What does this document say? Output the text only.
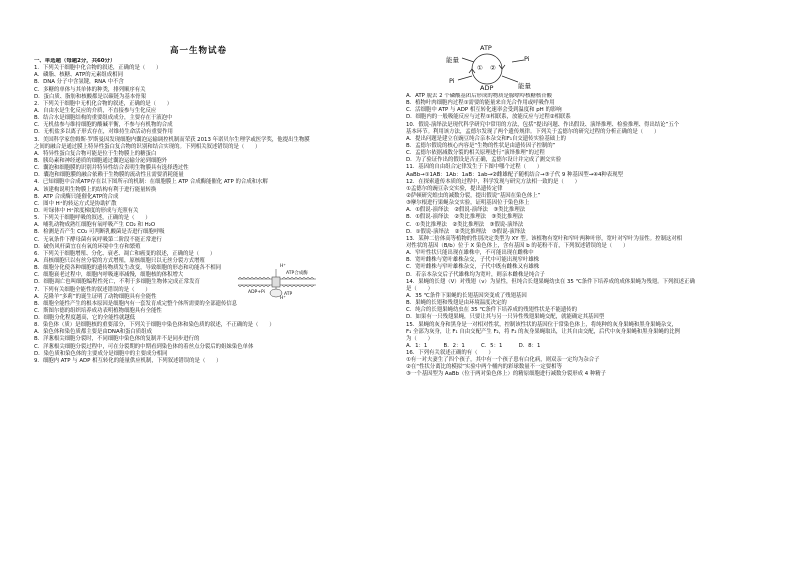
高一生物试卷
一、单选题（每题2分，共60分）
1．下列关于细胞中化合物的叙述，正确的是（　　）
A．磷脂、核糖、ATP的元素组成相同
B．DNA 分子中含氢键，RNA 中不含
C．多糖的单体与其单体的种类，排列顺序有关
D．蛋白质、脂肪和核酸都是以碳链为基本骨架
2．下列关于细胞中无机化合物的叙述，正确的是（　　）
A．自由水是生化反应的介质，不直接参与生化反应
B．结合水是细胞结构的重要组成成分，主要存在于液泡中
C．无机盐参与维持细胞的酸碱平衡，不参与有机物的合成
D．无机盐多以离子形式存在，对维持生命活动有重要作用
3．美国科学家詹姆斯·罗斯曼因发现细胞内囊泡运输调控机制而荣获 2013 年诺贝尔生理学或医学奖，他提出生物膜
之间的融合是通过膜上特异性蛋白复合物的识别和结合实现的。下列相关叙述错误的是（　　）
A．特异性蛋白复合物可能是位于生物膜上的糖蛋白
B．胰岛素和神经递质的细胞通过囊泡运输分泌到细胞外
C．囊泡和细胞膜的识别并特异性结合表明生物膜具有选择透过性
D．囊泡和细胞膜的融合依赖于生物膜的流动性且需要消耗能量
4．已知细胞中合成ATP存在以下图所示的机制：在细胞膜上 ATP 合成酶能催化 ATP 的合成和水解
A．该建构说明生物膜上的结构有利于进行能量转换
B．ATP 合成酶只能催化ATP的合成
C．图中 H⁺的转运方式是协助扩散
D．叶绿体中 H⁺浓度梯度的形成与光照有关
5．下列关于细胞呼吸的叙述，正确的是（　　）
A．哺乳动物成熟红细胞有氧呼吸产生 CO₂ 和 H₂O
B．检测是否产生 CO₂ 可判断乳酸菌是否进行细胞呼吸
C．无氧条件下酵母菌有氧呼吸第二阶段不能正常进行
D．破伤风杆菌宜在有氧的环境中生存和繁殖
6．下列关于细胞增殖、分化、衰老、凋亡和癌变的叙述，正确的是（　　）
A．真核细胞只以有丝分裂的方式增殖，原核细胞只以无丝分裂方式增殖
B．细胞分化使各种细胞的遗传物质发生改变，导致细胞的形态和功能各不相同
C．细胞衰老过程中，细胞内呼吸速率减慢，细胞核的体积增大
D．细胞凋亡也叫细胞编程性死亡，不利于多细胞生物体完成正常发育
7．下列有关细胞全能性的叙述错误的是（　　）
A．克隆羊“多莉”的诞生证明了动物细胞具有全能性
B．细胞全能性产生的根本原因是细胞内有一套发育成完整个体所需要的全部遗传信息
C．斯图尔德的组织培养成功表明植物细胞具有全能性
D．细胞分化程度越高，它的全能性就越低
8．染色体（质）是细胞核的重要部分，下列关于细胞中染色体和染色质的叙述，不正确的是（　　）
A．染色体和染色质都主要是由DNA和蛋白质组成
B．洋葱根尖细胞分裂时，不同细胞中染色体的复制并不是同步进行的
C．洋葱根尖细胞分裂过程中，可在分裂期的中期看到染色体的着丝点分裂后的姐妹染色单体
D．染色质和染色体的主要成分是细胞中的主要成分相同
9．细胞内 ATP 与 ADP 相互转化的能量供应机制，下列叙述错误的是（　　）
A．ATP 脱去 2 个磷酸基团后形成的物质是腺嘌呤核糖核苷酸
B．植物叶肉细胞内过程①需要的能量来自光合作用或呼吸作用
C．活细胞中 ATP 与 ADP 相互转化速率会受到温度和 pH 的影响
D．细胞内的一般吸能反应与过程①相联系，放能反应与过程②相联系
10．假说-演绎法是现代科学研究中常用的方法，包括“提出问题、作出假设、演绎推理、检验推理、得出结论”五个
基本环节。利用该方法，孟德尔发现了两个遗传规律。下列关于孟德尔的研究过程的分析正确的是（　　）
A．提出问题是建立在豌豆纯合亲本杂交和F₁自交遗传实验基础上的
B．孟德尔假说的核心内容是“生物的性状是由遗传因子控制的”
C．孟德尔依据减数分裂的相关原理进行“演绎推理”的过程
D．为了验证作出的假设是否正确，孟德尔设计并完成了测交实验
11．基因的自由组合定律发生于下图中哪个过程（　　）
AaBb→①1AB：1Ab：1aB：1ab→②雌雄配子随机结合→③子代 9 种基因型→④4种表现型
12．在探索遗传本质的过程中，科学发现与研究方法相一致的是（　　）
①孟德尔的豌豆杂交实验，提出遗传定律
②萨顿研究蝗虫的减数分裂，提出假说“基因在染色体上”
③摩尔根进行果蝇杂交实验，证明基因位于染色体上
A．①假说-演绎法　②假说-演绎法　③类比推理法
B．①假说-演绎法　②类比推理法　③类比推理法
C．①类比推理法　②类比推理法　③假说-演绎法
D．①假说-演绎法　②类比推理法　③假说-演绎法
13．某种二倍体高等植物的性别决定类型为 XY 型。该植物有宽叶和窄叶两种叶形，宽叶对窄叶为显性。控制这对相
对性状的基因（B/b）位于 X 染色体上，含有基因 b 的花粉不育，下列叙述错误的是（　　）
A．窄叶性状只能出现在雄株中，不可能出现在雌株中
B．宽叶雌株与宽叶雄株杂交，子代中可能出现窄叶雄株
C．宽叶雌株与窄叶雄株杂交，子代中既有雌株又有雄株
D．若亲本杂交后子代雄株均为宽叶，则亲本雌株是纯合子
14．果蝇的长翅（V）对残翅（v）为显性，但纯合长翅果蝇幼虫在 35 ℃条件下培养成的成体果蝇为残翅。下列叙述正确
是（　　）
A．35 ℃条件下果蝇的长翅基因突变成了残翅基因
B．果蝇的长翅和残翅是由环境温度决定的
C．纯合的长翅果蝇幼虫在 35 ℃条件下培养成的残翅性状是不能遗传的
D．如果有一只残翅果蝇，只要让其与另一只异性残翅果蝇交配，就能确定其基因型
15．果蝇的灰身和黑身是一对相对性状，控制该性状的基因位于常染色体上，将纯种的灰身果蝇和黑身果蝇杂交，
F₁ 全部为灰身，让 F₁ 自由交配产生 F₂，将 F₂ 的灰身果蝇取出，让其自由交配，后代中灰身果蝇和黑身果蝇的比例
为（　　）
A．1：1　　　B．2：1　　　C．5：1　　　D．8：1
16．下列有关叙述正确的有（　　）
①有一对夫妻生了四个孩子，其中有一个孩子患有白化病，则双亲一定均为杂合子
②在“性状分离比的模拟”实验中两个桶内的彩球数量不一定要相等
③一个基因型为 AaBb（位于两对染色体上）的精原细胞进行减数分裂形成 4 种精子
H⁺
ATP合成酶
ADP+Pi	ATP
H⁺
ATP
能量	Pi
① ②
Pi
ADP	能量
